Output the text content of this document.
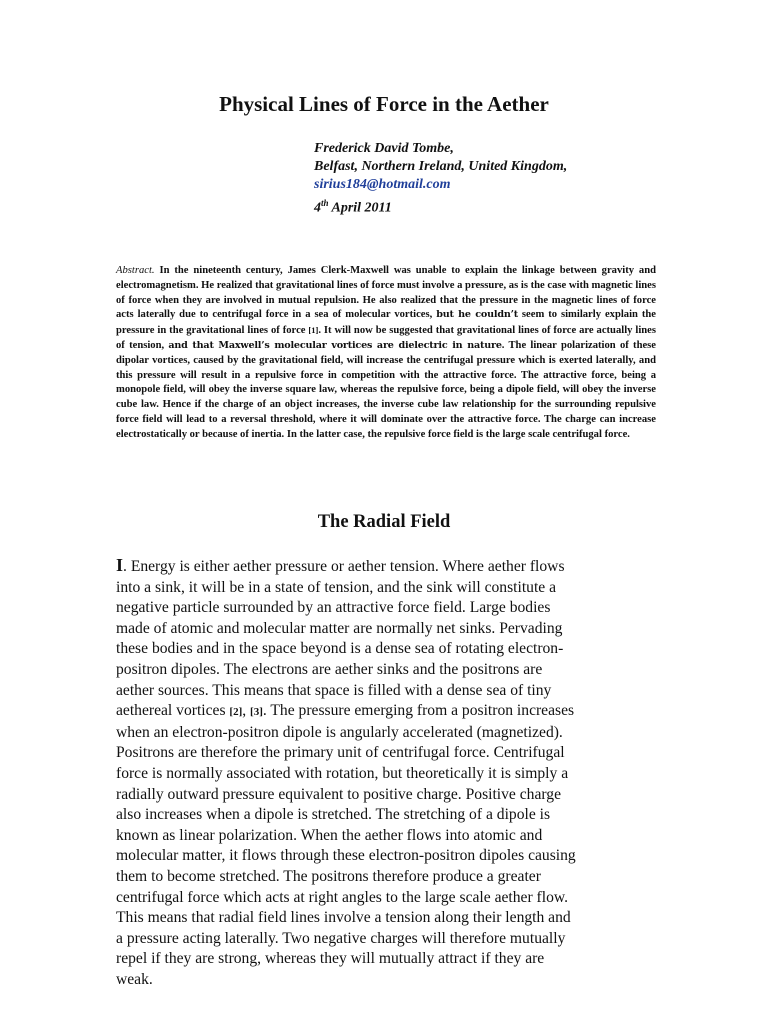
Physical Lines of Force in the Aether
Frederick David Tombe,
Belfast, Northern Ireland, United Kingdom,
sirius184@hotmail.com
4th April 2011
Abstract. In the nineteenth century, James Clerk-Maxwell was unable to explain the linkage between gravity and electromagnetism. He realized that gravitational lines of force must involve a pressure, as is the case with magnetic lines of force when they are involved in mutual repulsion. He also realized that the pressure in the magnetic lines of force acts laterally due to centrifugal force in a sea of molecular vortices, but he couldn’t seem to similarly explain the pressure in the gravitational lines of force [1]. It will now be suggested that gravitational lines of force are actually lines of tension, and that Maxwell’s molecular vortices are dielectric in nature. The linear polarization of these dipolar vortices, caused by the gravitational field, will increase the centrifugal pressure which is exerted laterally, and this pressure will result in a repulsive force in competition with the attractive force. The attractive force, being a monopole field, will obey the inverse square law, whereas the repulsive force, being a dipole field, will obey the inverse cube law. Hence if the charge of an object increases, the inverse cube law relationship for the surrounding repulsive force field will lead to a reversal threshold, where it will dominate over the attractive force. The charge can increase electrostatically or because of inertia. In the latter case, the repulsive force field is the large scale centrifugal force.
The Radial Field
I. Energy is either aether pressure or aether tension. Where aether flows
into a sink, it will be in a state of tension, and the sink will constitute a
negative particle surrounded by an attractive force field. Large bodies
made of atomic and molecular matter are normally net sinks. Pervading
these bodies and in the space beyond is a dense sea of rotating electron-
positron dipoles. The electrons are aether sinks and the positrons are
aether sources. This means that space is filled with a dense sea of tiny
aethereal vortices [2], [3]. The pressure emerging from a positron increases
when an electron-positron dipole is angularly accelerated (magnetized).
Positrons are therefore the primary unit of centrifugal force. Centrifugal
force is normally associated with rotation, but theoretically it is simply a
radially outward pressure equivalent to positive charge. Positive charge
also increases when a dipole is stretched. The stretching of a dipole is
known as linear polarization. When the aether flows into atomic and
molecular matter, it flows through these electron-positron dipoles causing
them to become stretched. The positrons therefore produce a greater
centrifugal force which acts at right angles to the large scale aether flow.
This means that radial field lines involve a tension along their length and
a pressure acting laterally. Two negative charges will therefore mutually
repel if they are strong, whereas they will mutually attract if they are
weak.
